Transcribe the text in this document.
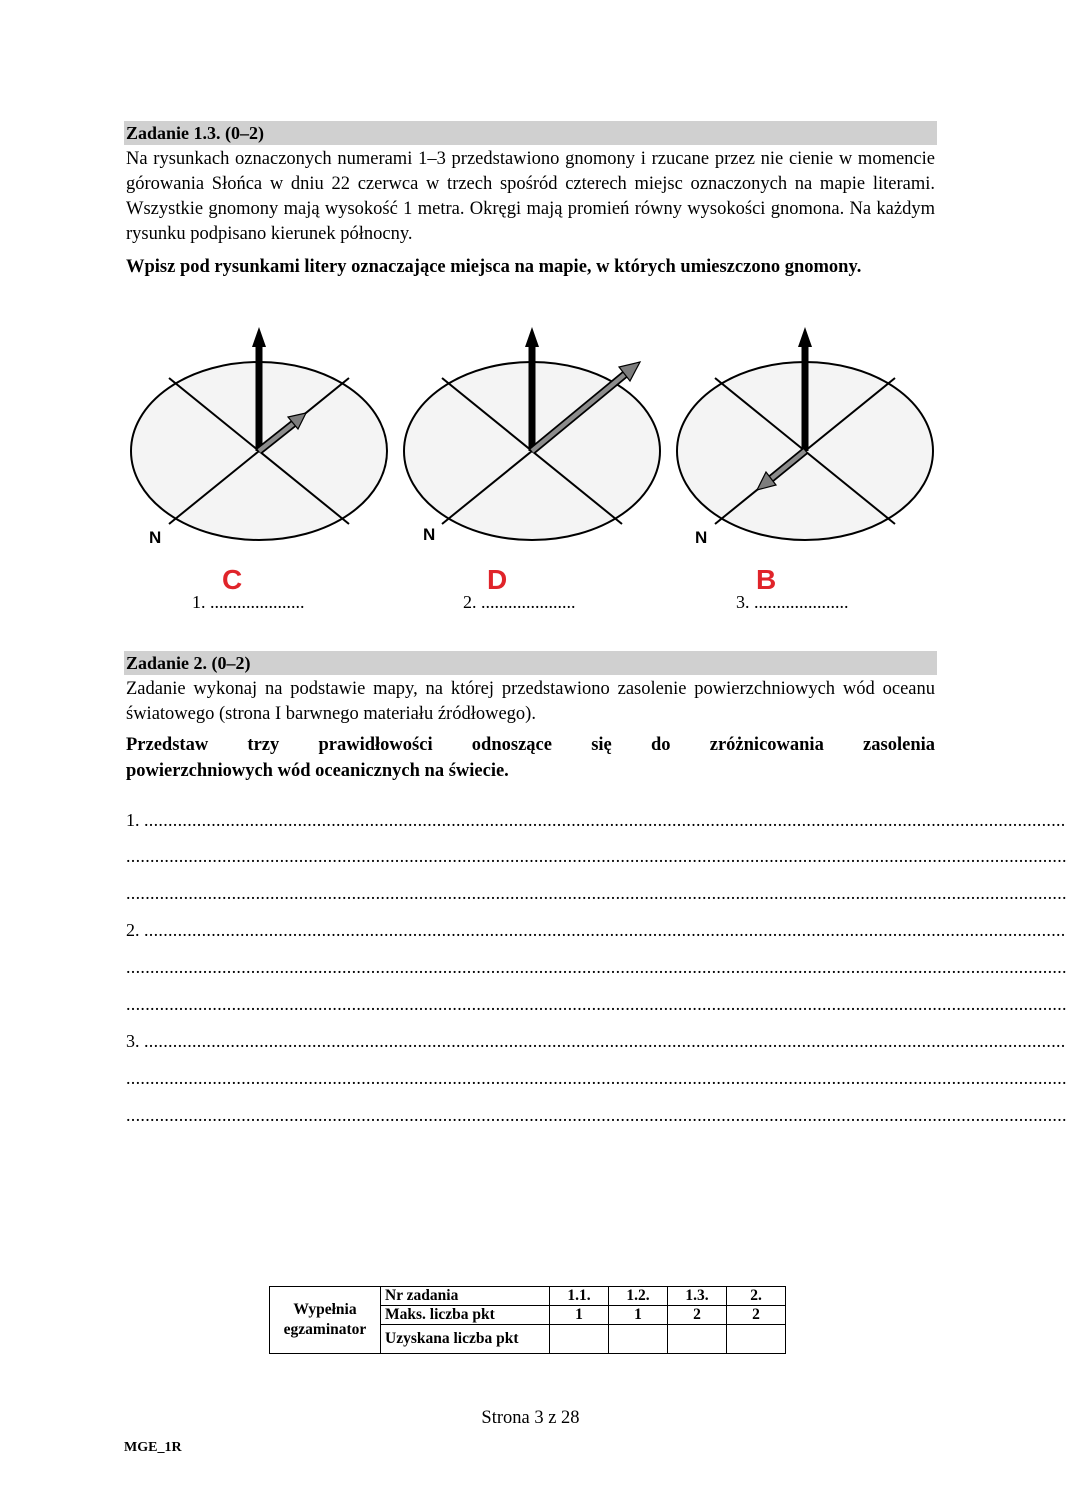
Zadanie 1.3. (0–2)
Na rysunkach oznaczonych numerami 1–3 przedstawiono gnomony i rzucane przez nie cienie w momencie górowania Słońca w dniu 22 czerwca w trzech spośród czterech miejsc oznaczonych na mapie literami. Wszystkie gnomony mają wysokość 1 metra. Okręgi mają promień równy wysokości gnomona. Na każdym rysunku podpisano kierunek północny.
Wpisz pod rysunkami litery oznaczające miejsca na mapie, w których umieszczono gnomony.
N	N	N
1. .....................
C
2. .....................
D
3. .....................
B
Zadanie 2. (0–2)
Zadanie wykonaj na podstawie mapy, na której przedstawiono zasolenie powierzchniowych wód oceanu światowego (strona I barwnego materiału źródłowego).
Przedstaw trzy prawidłowości odnoszące się do zróżnicowania zasolenia
powierzchniowych wód oceanicznych na świecie.
1. ................................................................................................................................................................................................
....................................................................................................................................................................................................
....................................................................................................................................................................................................
2. ................................................................................................................................................................................................
....................................................................................................................................................................................................
....................................................................................................................................................................................................
3. ................................................................................................................................................................................................
....................................................................................................................................................................................................
....................................................................................................................................................................................................
Wypełnia egzaminator	Nr zadania	1.1.	1.2.	1.3.	2.
	Maks. liczba pkt	1	1	2	2
	Uzyskana liczba pkt				
Strona 3 z 28
MGE_1R
